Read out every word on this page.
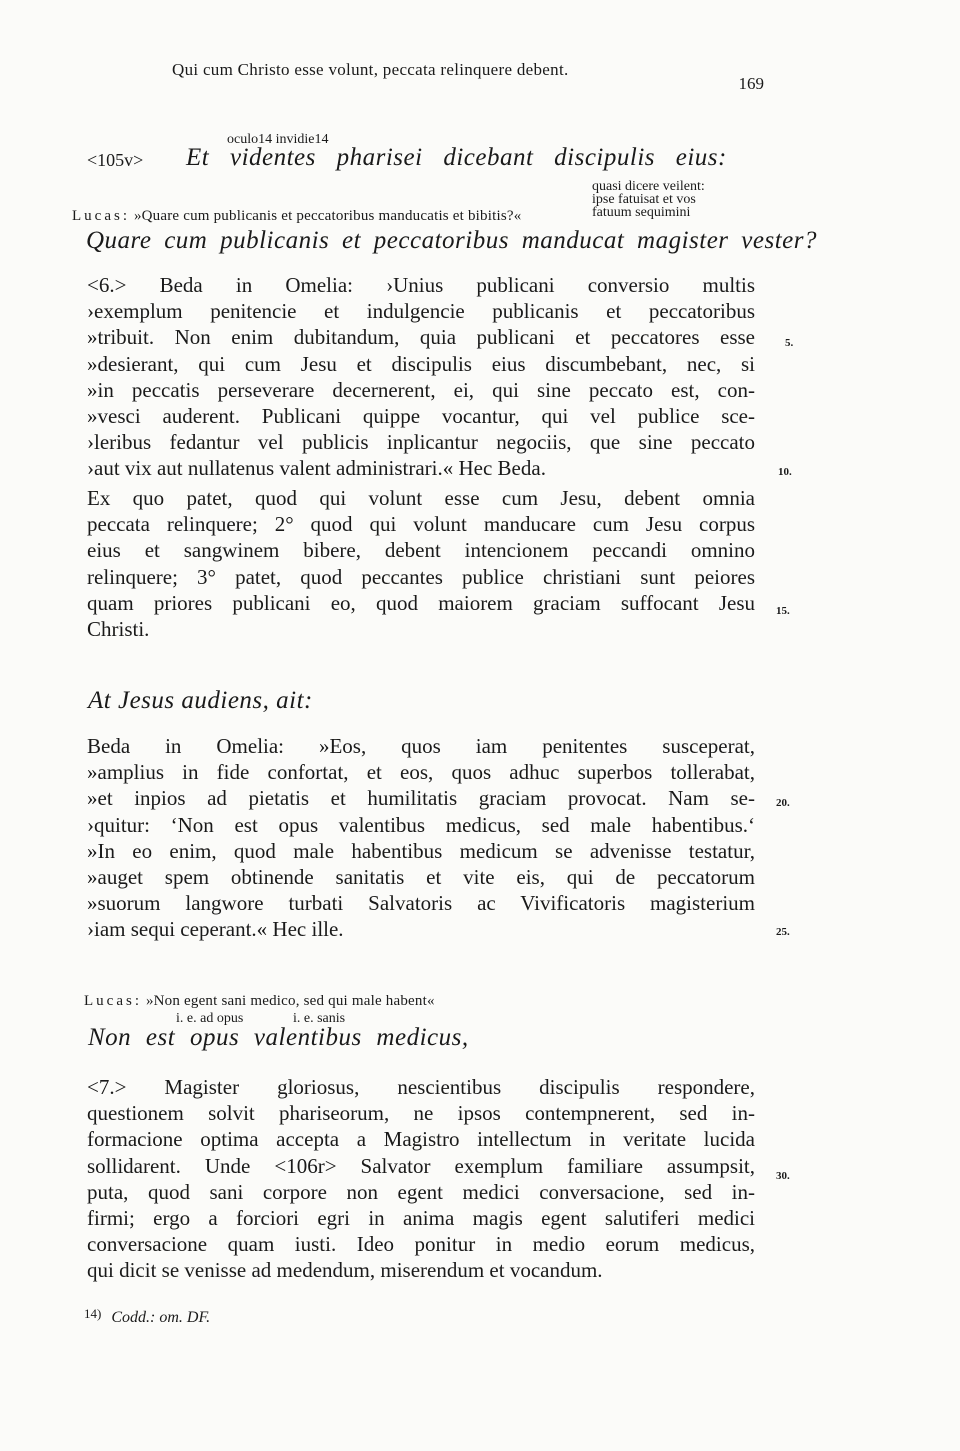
Qui cum Christo esse volunt, peccata relinquere debent.
169
oculo14 invidie14
<105v> Et videntes pharisei dicebant discipulis eius:
quasi dicere veilent:
ipse fatuisat et vos
fatuum sequimini
Lucas: »Quare cum publicanis et peccatoribus manducatis et bibitis?«
Quare cum publicanis et peccatoribus manducat magister vester?
<6.> Beda in Omelia: ›Unius publicani conversio multis
›exemplum penitencie et indulgencie publicanis et peccatoribus
»tribuit. Non enim dubitandum, quia publicani et peccatores esse
»desierant, qui cum Jesu et discipulis eius discumbebant, nec, si
»in peccatis perseverare decernerent, ei, qui sine peccato est, con-
»vesci auderent. Publicani quippe vocantur, qui vel publice sce-
›leribus fedantur vel publicis inplicantur negociis, que sine peccato
›aut vix aut nullatenus valent administrari.« Hec Beda.
Ex quo patet, quod qui volunt esse cum Jesu, debent omnia
peccata relinquere; 2° quod qui volunt manducare cum Jesu corpus
eius et sangwinem bibere, debent intencionem peccandi omnino
relinquere; 3° patet, quod peccantes publice christiani sunt peiores
quam priores publicani eo, quod maiorem graciam suffocant Jesu
Christi.
At Jesus audiens, ait:
Beda in Omelia: »Eos, quos iam penitentes susceperat,
»amplius in fide confortat, et eos, quos adhuc superbos tollerabat,
»et inpios ad pietatis et humilitatis graciam provocat. Nam se-
›quitur: ‘Non est opus valentibus medicus, sed male habentibus.‘
»In eo enim, quod male habentibus medicum se advenisse testatur,
»auget spem obtinende sanitatis et vite eis, qui de peccatorum
»suorum langwore turbati Salvatoris ac Vivificatoris magisterium
›iam sequi ceperant.« Hec ille.
Lucas: »Non egent sani medico, sed qui male habent«
i. e. ad opus	i. e. sanis
Non est opus valentibus medicus,
<7.> Magister gloriosus, nescientibus discipulis respondere,
questionem solvit phariseorum, ne ipsos contempnerent, sed in-
formacione optima accepta a Magistro intellectum in veritate lucida
sollidarent. Unde <106r> Salvator exemplum familiare assumpsit,
puta, quod sani corpore non egent medici conversacione, sed in-
firmi; ergo a forciori egri in anima magis egent salutiferi medici
conversacione quam iusti. Ideo ponitur in medio eorum medicus,
qui dicit se venisse ad medendum, miserendum et vocandum.
5.
10.
15.
20.
25.
30.
$^{14)}$ Codd.: om. DF.
